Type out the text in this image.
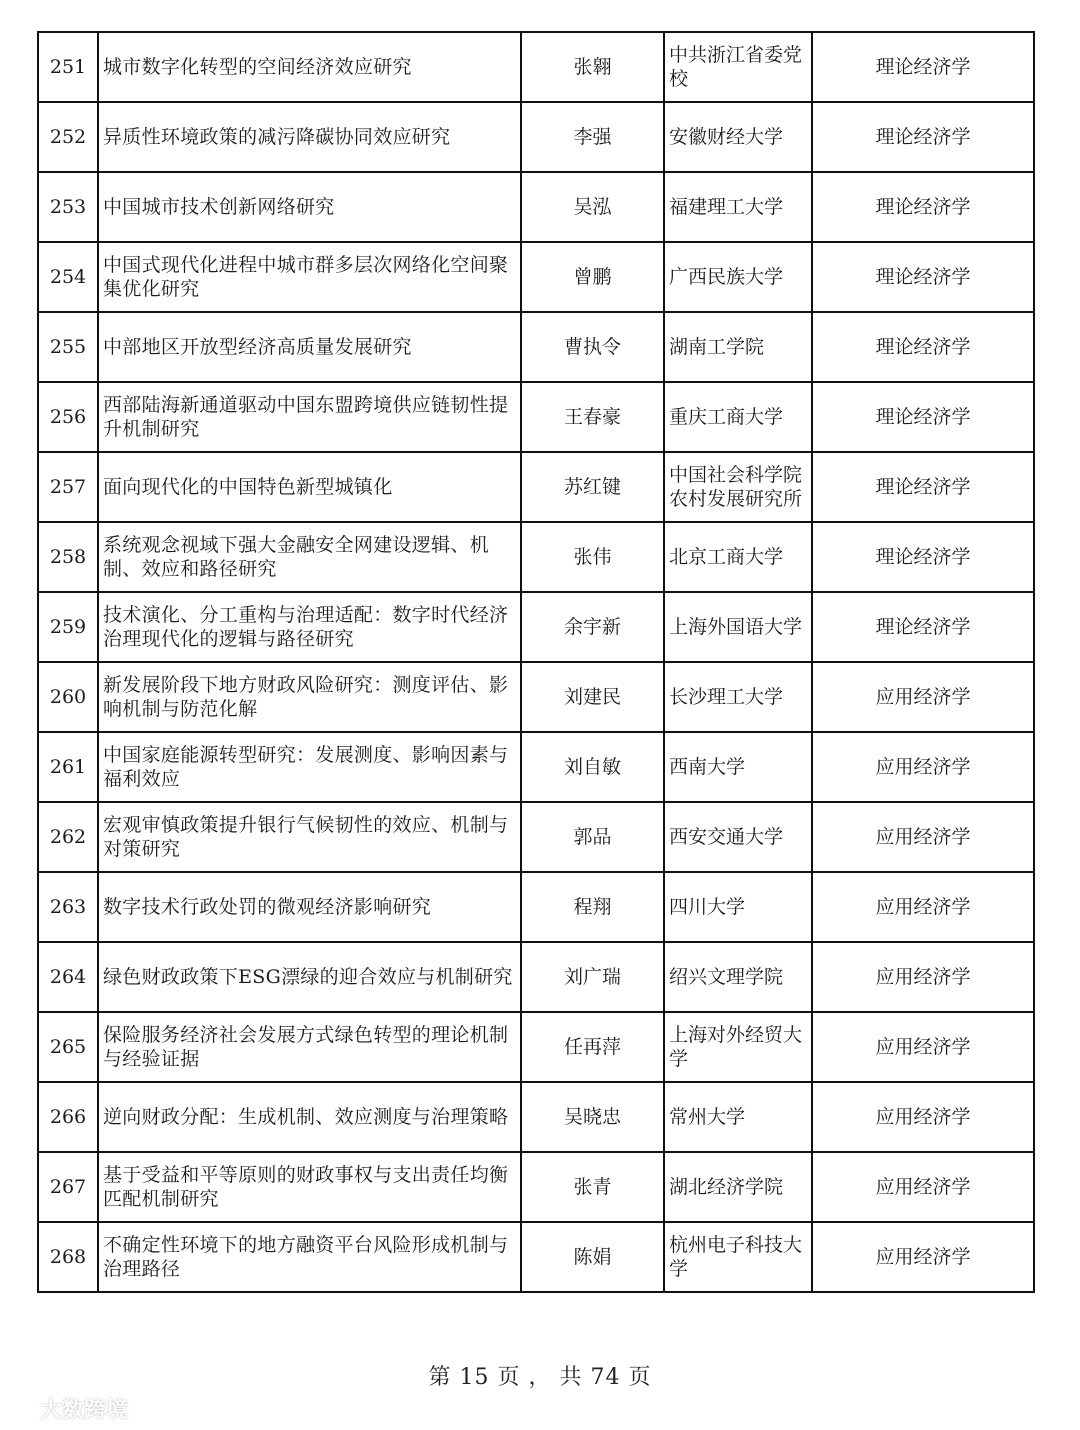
251	城市数字化转型的空间经济效应研究	张翱	中共浙江省委党校	理论经济学
252	异质性环境政策的减污降碳协同效应研究	李强	安徽财经大学	理论经济学
253	中国城市技术创新网络研究	吴泓	福建理工大学	理论经济学
254	中国式现代化进程中城市群多层次网络化空间聚集优化研究	曾鹏	广西民族大学	理论经济学
255	中部地区开放型经济高质量发展研究	曹执令	湖南工学院	理论经济学
256	西部陆海新通道驱动中国东盟跨境供应链韧性提升机制研究	王春豪	重庆工商大学	理论经济学
257	面向现代化的中国特色新型城镇化	苏红键	中国社会科学院农村发展研究所	理论经济学
258	系统观念视域下强大金融安全网建设逻辑、机制、效应和路径研究	张伟	北京工商大学	理论经济学
259	技术演化、分工重构与治理适配：数字时代经济治理现代化的逻辑与路径研究	余宇新	上海外国语大学	理论经济学
260	新发展阶段下地方财政风险研究：测度评估、影响机制与防范化解	刘建民	长沙理工大学	应用经济学
261	中国家庭能源转型研究：发展测度、影响因素与福利效应	刘自敏	西南大学	应用经济学
262	宏观审慎政策提升银行气候韧性的效应、机制与对策研究	郭品	西安交通大学	应用经济学
263	数字技术行政处罚的微观经济影响研究	程翔	四川大学	应用经济学
264	绿色财政政策下ESG漂绿的迎合效应与机制研究	刘广瑞	绍兴文理学院	应用经济学
265	保险服务经济社会发展方式绿色转型的理论机制与经验证据	任再萍	上海对外经贸大学	应用经济学
266	逆向财政分配：生成机制、效应测度与治理策略	吴晓忠	常州大学	应用经济学
267	基于受益和平等原则的财政事权与支出责任均衡匹配机制研究	张青	湖北经济学院	应用经济学
268	不确定性环境下的地方融资平台风险形成机制与治理路径	陈娟	杭州电子科技大学	应用经济学
第 15 页 ， 共 74 页
大数跨境
